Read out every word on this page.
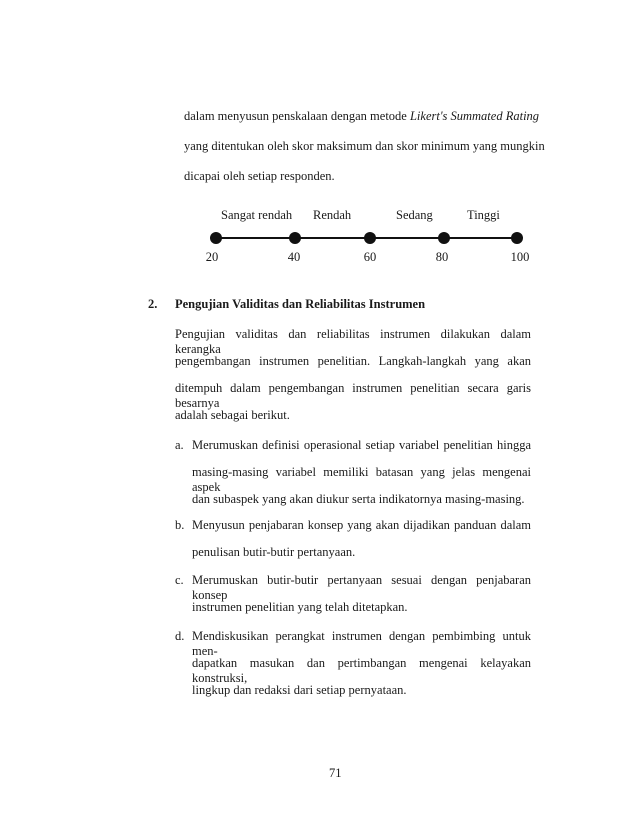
dalam menyusun penskalaan dengan metode Likert's Summated Rating
yang ditentukan oleh skor maksimum dan skor minimum yang mungkin
dicapai oleh setiap responden.
Sangat rendah Rendah	Sedang	Tinggi
20	40	60	80	100
2. Pengujian Validitas dan Reliabilitas Instrumen
Pengujian validitas dan reliabilitas instrumen dilakukan dalam kerangka
pengembangan instrumen penelitian. Langkah-langkah yang akan
ditempuh dalam pengembangan instrumen penelitian secara garis besarnya
adalah sebagai berikut.
a. Merumuskan definisi operasional setiap variabel penelitian hingga
masing-masing variabel memiliki batasan yang jelas mengenai aspek
dan subaspek yang akan diukur serta indikatornya masing-masing.
b. Menyusun penjabaran konsep yang akan dijadikan panduan dalam
penulisan butir-butir pertanyaan.
c. Merumuskan butir-butir pertanyaan sesuai dengan penjabaran konsep
instrumen penelitian yang telah ditetapkan.
d. Mendiskusikan perangkat instrumen dengan pembimbing untuk men-
dapatkan masukan dan pertimbangan mengenai kelayakan konstruksi,
lingkup dan redaksi dari setiap pernyataan.
71
